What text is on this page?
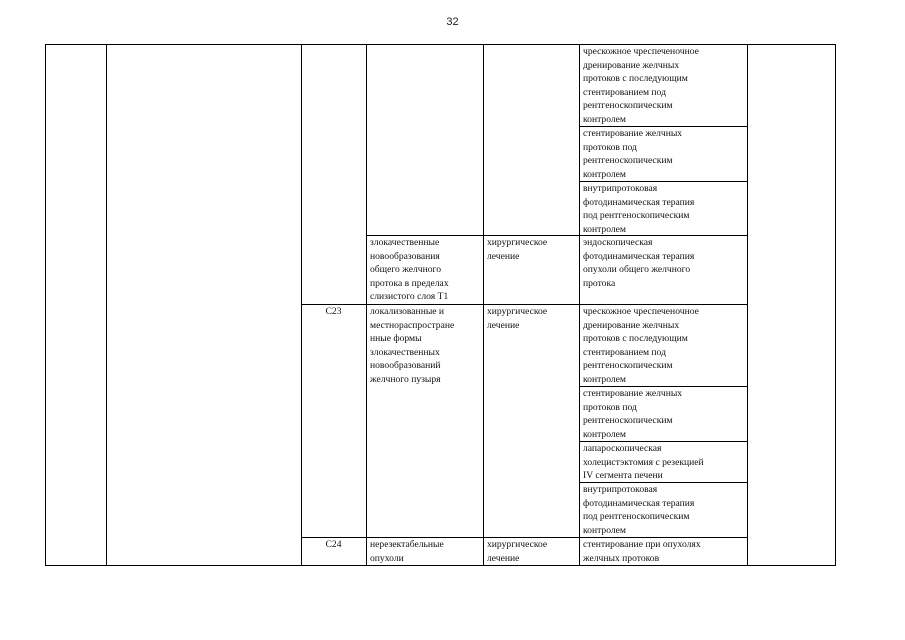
32
чрескожное чреспеченочное
дренирование желчных
протоков с последующим
стентированием под
рентгеноскопическим
контролем
стентирование желчных
протоков под
рентгеноскопическим
контролем
внутрипротоковая
фотодинамическая терапия
под рентгеноскопическим
контролем
злокачественные
новообразования
общего желчного
протока в пределах
слизистого слоя Т1
хирургическое
лечение
эндоскопическая
фотодинамическая терапия
опухоли общего желчного
протока
С23	локализованные и
местнораспростране
нные формы
злокачественных
новообразований
желчного пузыря
хирургическое
лечение
чрескожное чреспеченочное
дренирование желчных
протоков с последующим
стентированием под
рентгеноскопическим
контролем
стентирование желчных
протоков под
рентгеноскопическим
контролем
лапароскопическая
холецистэктомия с резекцией
IV сегмента печени
внутрипротоковая
фотодинамическая терапия
под рентгеноскопическим
контролем
С24	нерезектабельные
опухоли
хирургическое
лечение
стентирование при опухолях
желчных протоков
